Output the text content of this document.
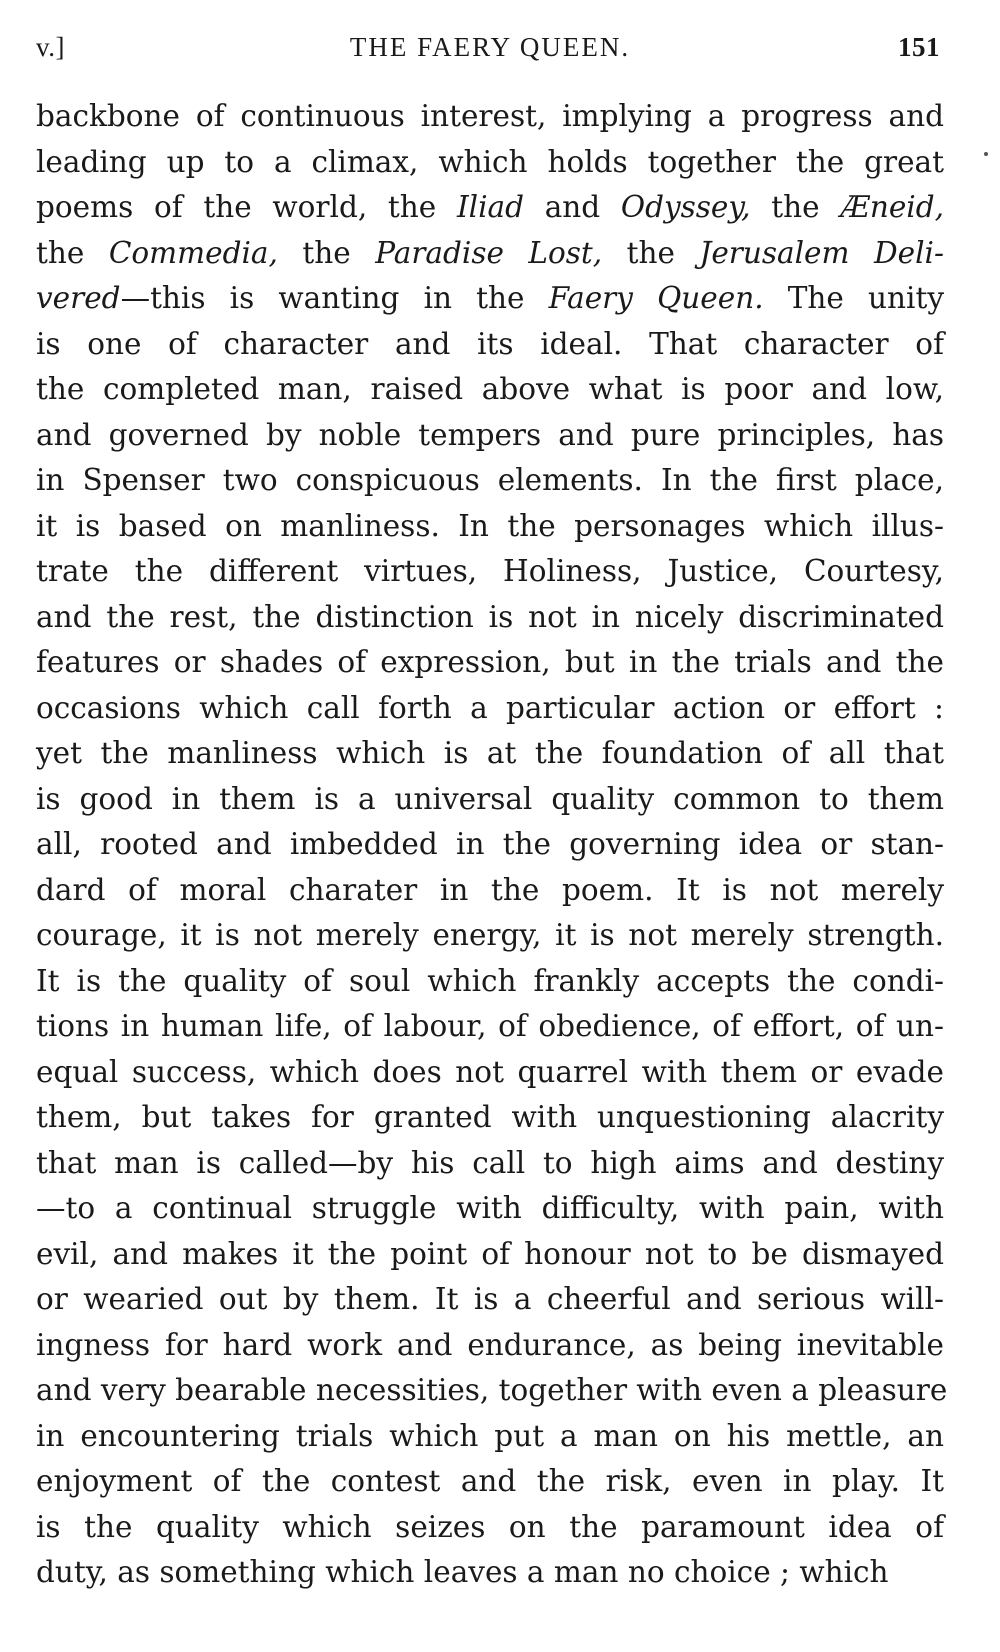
v.]	THE FAERY QUEEN.	151
backbone of continuous interest, implying a progress and
leading up to a climax, which holds together the great
poems of the world, the Iliad and Odyssey, the Æneid,
the Commedia, the Paradise Lost, the Jerusalem Deli-
vered—this is wanting in the Faery Queen. The unity
is one of character and its ideal. That character of
the completed man, raised above what is poor and low,
and governed by noble tempers and pure principles, has
in Spenser two conspicuous elements. In the first place,
it is based on manliness. In the personages which illus-
trate the different virtues, Holiness, Justice, Courtesy,
and the rest, the distinction is not in nicely discriminated
features or shades of expression, but in the trials and the
occasions which call forth a particular action or effort :
yet the manliness which is at the foundation of all that
is good in them is a universal quality common to them
all, rooted and imbedded in the governing idea or stan-
dard of moral charater in the poem. It is not merely
courage, it is not merely energy, it is not merely strength.
It is the quality of soul which frankly accepts the condi-
tions in human life, of labour, of obedience, of effort, of un-
equal success, which does not quarrel with them or evade
them, but takes for granted with unquestioning alacrity
that man is called—by his call to high aims and destiny
—to a continual struggle with difficulty, with pain, with
evil, and makes it the point of honour not to be dismayed
or wearied out by them. It is a cheerful and serious will-
ingness for hard work and endurance, as being inevitable
and very bearable necessities, together with even a pleasure
in encountering trials which put a man on his mettle, an
enjoyment of the contest and the risk, even in play. It
is the quality which seizes on the paramount idea of
duty, as something which leaves a man no choice ; which
